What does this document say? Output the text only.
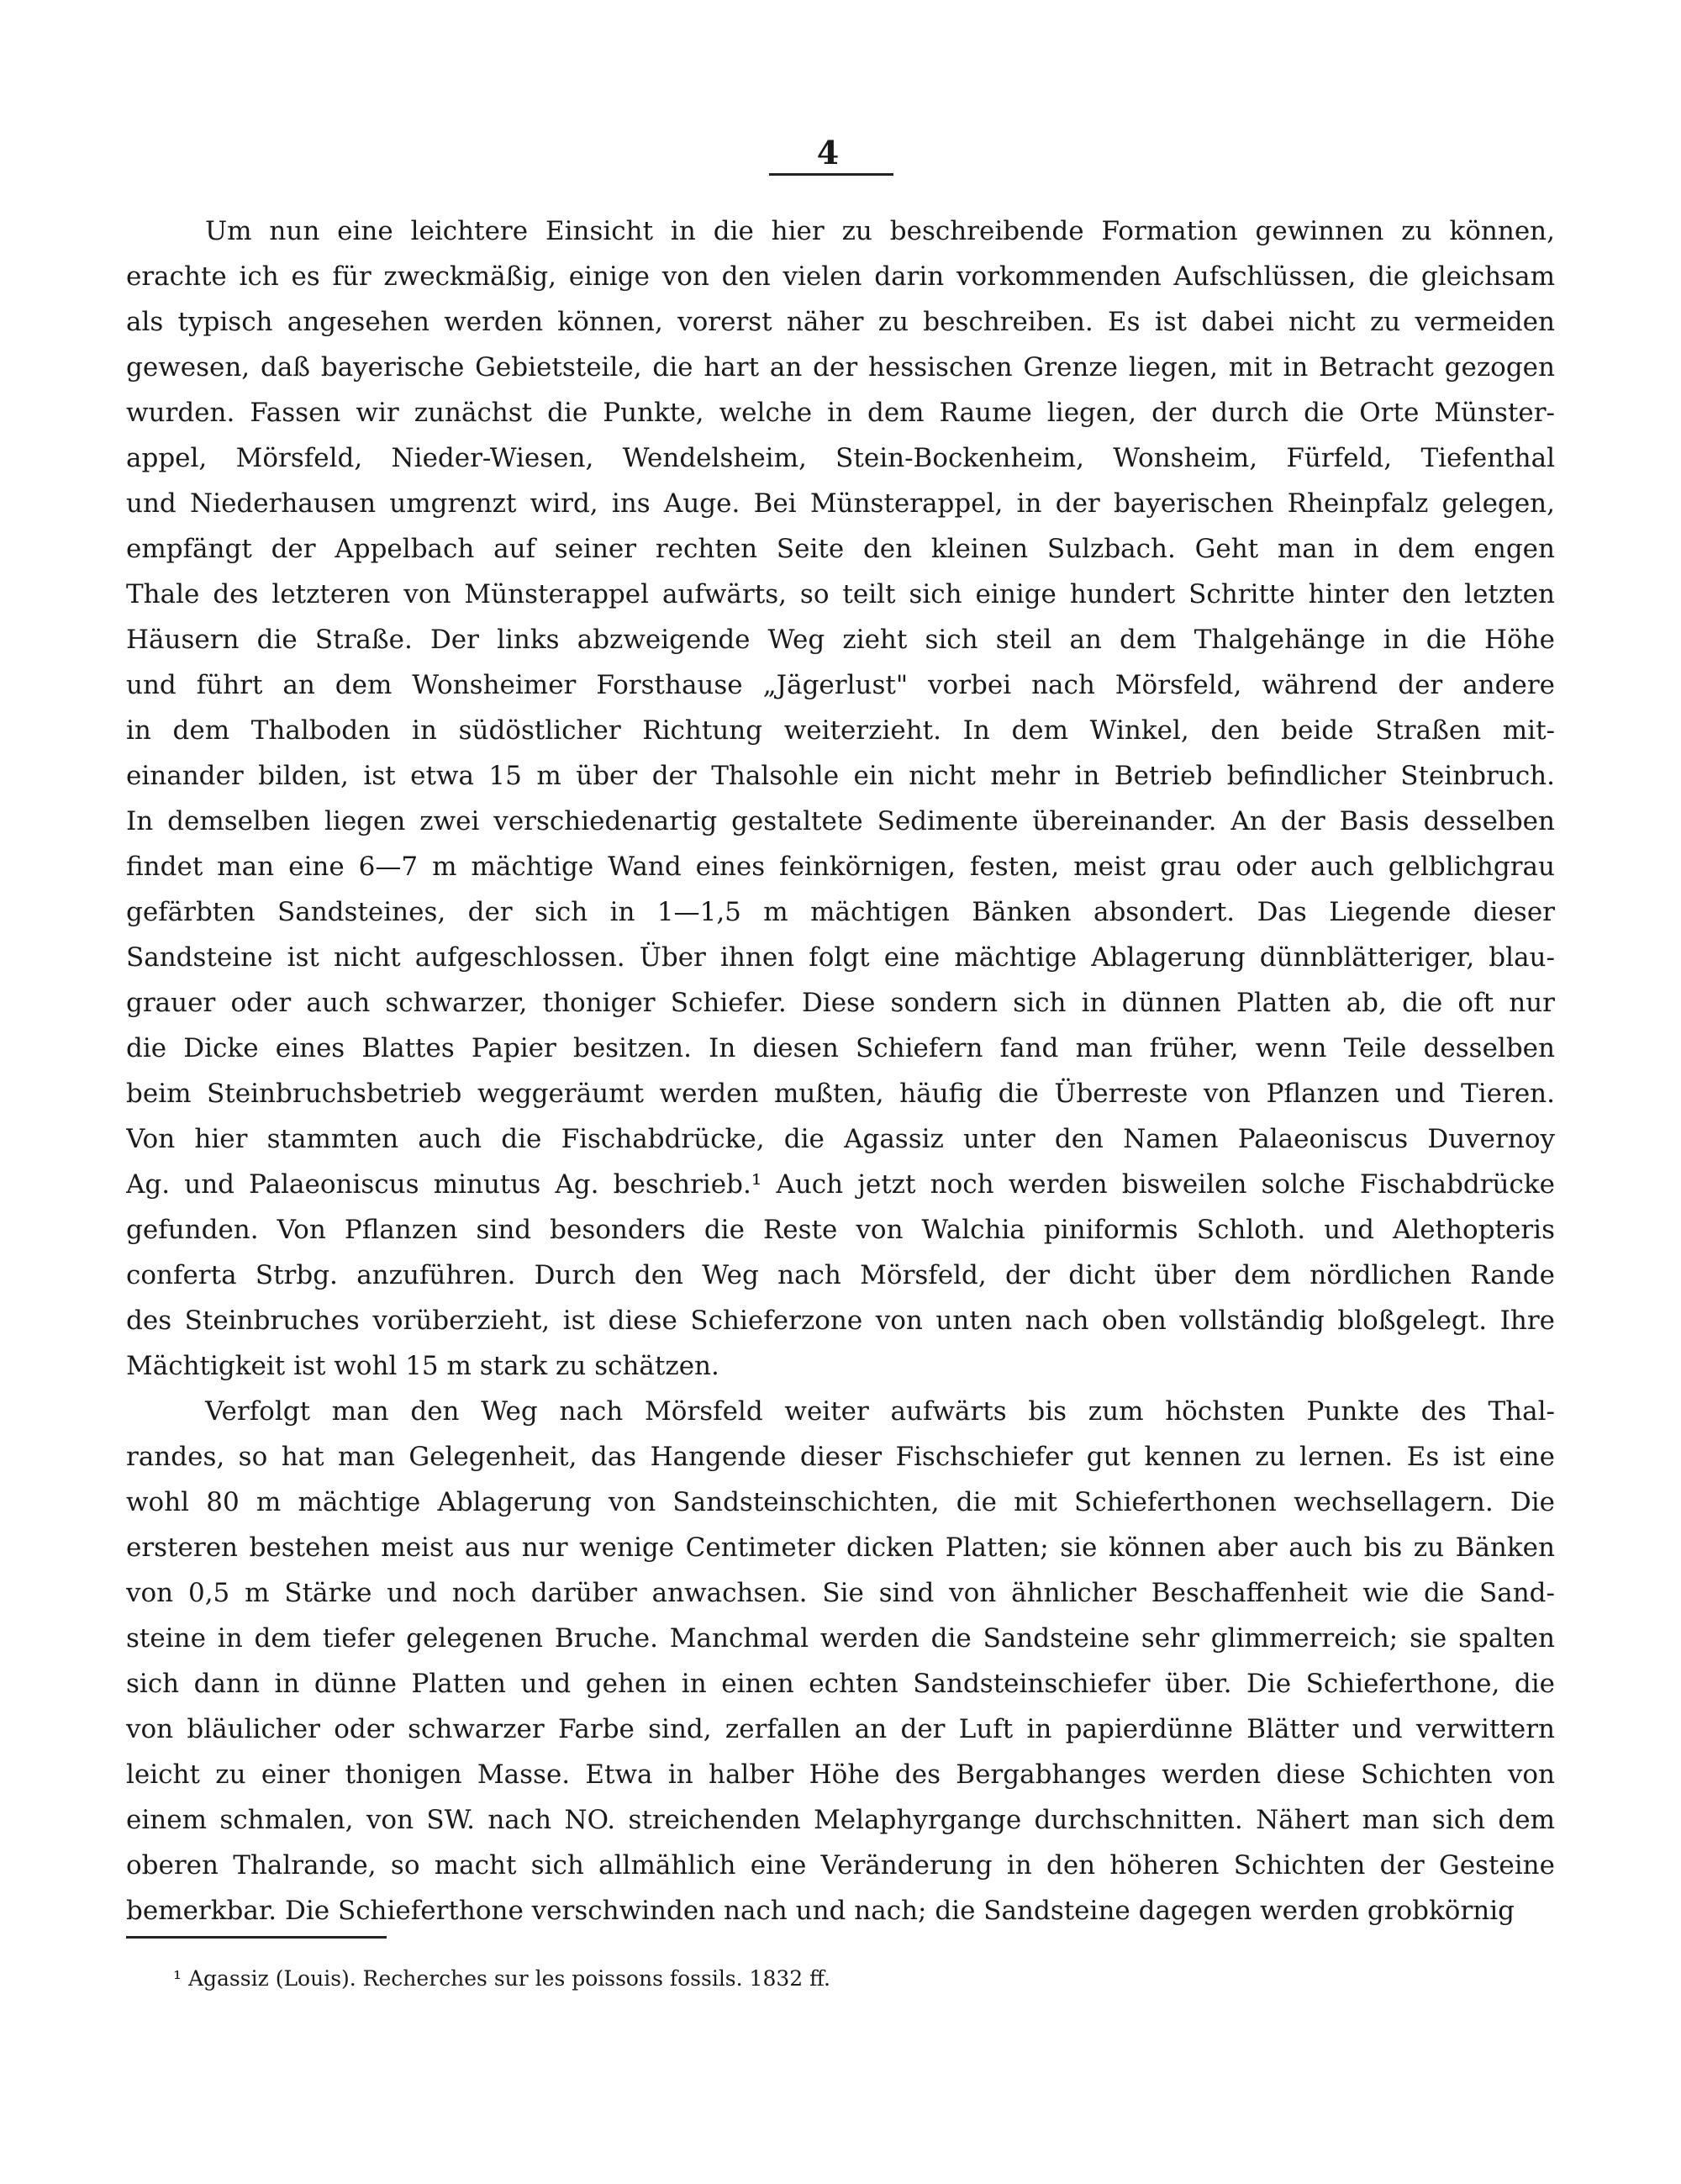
4
Um nun eine leichtere Einsicht in die hier zu beschreibende Formation gewinnen zu können,
erachte ich es für zweckmäßig, einige von den vielen darin vorkommenden Aufschlüssen, die gleichsam
als typisch angesehen werden können, vorerst näher zu beschreiben. Es ist dabei nicht zu vermeiden
gewesen, daß bayerische Gebietsteile, die hart an der hessischen Grenze liegen, mit in Betracht gezogen
wurden. Fassen wir zunächst die Punkte, welche in dem Raume liegen, der durch die Orte Münster-
appel, Mörsfeld, Nieder-Wiesen, Wendelsheim, Stein-Bockenheim, Wonsheim, Fürfeld, Tiefenthal
und Niederhausen umgrenzt wird, ins Auge. Bei Münsterappel, in der bayerischen Rheinpfalz gelegen,
empfängt der Appelbach auf seiner rechten Seite den kleinen Sulzbach. Geht man in dem engen
Thale des letzteren von Münsterappel aufwärts, so teilt sich einige hundert Schritte hinter den letzten
Häusern die Straße. Der links abzweigende Weg zieht sich steil an dem Thalgehänge in die Höhe
und führt an dem Wonsheimer Forsthause „Jägerlust" vorbei nach Mörsfeld, während der andere
in dem Thalboden in südöstlicher Richtung weiterzieht. In dem Winkel, den beide Straßen mit-
einander bilden, ist etwa 15 m über der Thalsohle ein nicht mehr in Betrieb befindlicher Steinbruch.
In demselben liegen zwei verschiedenartig gestaltete Sedimente übereinander. An der Basis desselben
findet man eine 6—7 m mächtige Wand eines feinkörnigen, festen, meist grau oder auch gelblichgrau
gefärbten Sandsteines, der sich in 1—1,5 m mächtigen Bänken absondert. Das Liegende dieser
Sandsteine ist nicht aufgeschlossen. Über ihnen folgt eine mächtige Ablagerung dünnblätteriger, blau-
grauer oder auch schwarzer, thoniger Schiefer. Diese sondern sich in dünnen Platten ab, die oft nur
die Dicke eines Blattes Papier besitzen. In diesen Schiefern fand man früher, wenn Teile desselben
beim Steinbruchsbetrieb weggeräumt werden mußten, häufig die Überreste von Pflanzen und Tieren.
Von hier stammten auch die Fischabdrücke, die Agassiz unter den Namen Palaeoniscus Duvernoy
Ag. und Palaeoniscus minutus Ag. beschrieb.¹ Auch jetzt noch werden bisweilen solche Fischabdrücke
gefunden. Von Pflanzen sind besonders die Reste von Walchia piniformis Schloth. und Alethopteris
conferta Strbg. anzuführen. Durch den Weg nach Mörsfeld, der dicht über dem nördlichen Rande
des Steinbruches vorüberzieht, ist diese Schieferzone von unten nach oben vollständig bloßgelegt. Ihre
Mächtigkeit ist wohl 15 m stark zu schätzen.
Verfolgt man den Weg nach Mörsfeld weiter aufwärts bis zum höchsten Punkte des Thal-
randes, so hat man Gelegenheit, das Hangende dieser Fischschiefer gut kennen zu lernen. Es ist eine
wohl 80 m mächtige Ablagerung von Sandsteinschichten, die mit Schieferthonen wechsellagern. Die
ersteren bestehen meist aus nur wenige Centimeter dicken Platten; sie können aber auch bis zu Bänken
von 0,5 m Stärke und noch darüber anwachsen. Sie sind von ähnlicher Beschaffenheit wie die Sand-
steine in dem tiefer gelegenen Bruche. Manchmal werden die Sandsteine sehr glimmerreich; sie spalten
sich dann in dünne Platten und gehen in einen echten Sandsteinschiefer über. Die Schieferthone, die
von bläulicher oder schwarzer Farbe sind, zerfallen an der Luft in papierdünne Blätter und verwittern
leicht zu einer thonigen Masse. Etwa in halber Höhe des Bergabhanges werden diese Schichten von
einem schmalen, von SW. nach NO. streichenden Melaphyrgange durchschnitten. Nähert man sich dem
oberen Thalrande, so macht sich allmählich eine Veränderung in den höheren Schichten der Gesteine
bemerkbar. Die Schieferthone verschwinden nach und nach; die Sandsteine dagegen werden grobkörnig
¹ Agassiz (Louis). Recherches sur les poissons fossils. 1832 ff.
